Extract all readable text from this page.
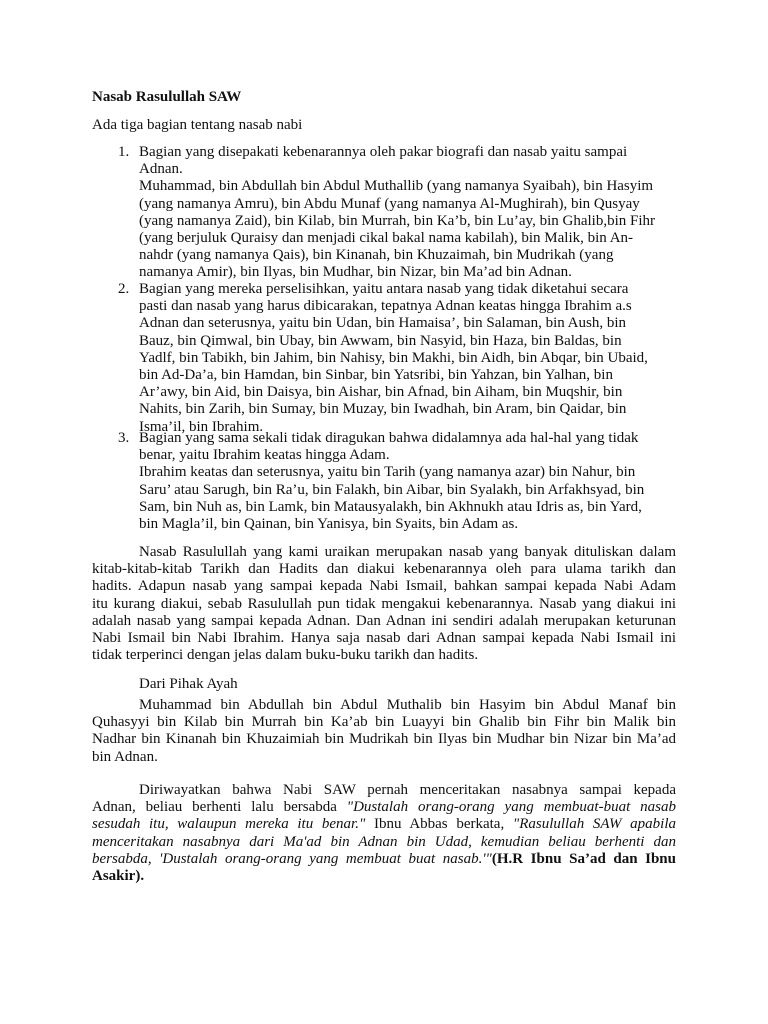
Nasab Rasulullah SAW
Ada tiga bagian tentang nasab nabi
1. Bagian yang disepakati kebenarannya oleh pakar biografi dan nasab yaitu sampai
Adnan.
Muhammad, bin Abdullah bin Abdul Muthallib (yang namanya Syaibah), bin Hasyim
(yang namanya Amru), bin Abdu Munaf (yang namanya Al-Mughirah), bin Qusyay
(yang namanya Zaid), bin Kilab, bin Murrah, bin Ka’b, bin Lu’ay, bin Ghalib,bin Fihr
(yang berjuluk Quraisy dan menjadi cikal bakal nama kabilah), bin Malik, bin An-
nahdr (yang namanya Qais), bin Kinanah, bin Khuzaimah, bin Mudrikah (yang
namanya Amir), bin Ilyas, bin Mudhar, bin Nizar, bin Ma’ad bin Adnan.
2. Bagian yang mereka perselisihkan, yaitu antara nasab yang tidak diketahui secara
pasti dan nasab yang harus dibicarakan, tepatnya Adnan keatas hingga Ibrahim a.s
Adnan dan seterusnya, yaitu bin Udan, bin Hamaisa’, bin Salaman, bin Aush, bin
Bauz, bin Qimwal, bin Ubay, bin Awwam, bin Nasyid, bin Haza, bin Baldas, bin
Yadlf, bin Tabikh, bin Jahim, bin Nahisy, bin Makhi, bin Aidh, bin Abqar, bin Ubaid,
bin Ad-Da’a, bin Hamdan, bin Sinbar, bin Yatsribi, bin Yahzan, bin Yalhan, bin
Ar’awy, bin Aid, bin Daisya, bin Aishar, bin Afnad, bin Aiham, bin Muqshir, bin
Nahits, bin Zarih, bin Sumay, bin Muzay, bin Iwadhah, bin Aram, bin Qaidar, bin
Isma’il, bin Ibrahim.
3. Bagian yang sama sekali tidak diragukan bahwa didalamnya ada hal-hal yang tidak
benar, yaitu Ibrahim keatas hingga Adam.
Ibrahim keatas dan seterusnya, yaitu bin Tarih (yang namanya azar) bin Nahur, bin
Saru’ atau Sarugh, bin Ra’u, bin Falakh, bin Aibar, bin Syalakh, bin Arfakhsyad, bin
Sam, bin Nuh as, bin Lamk, bin Matausyalakh, bin Akhnukh atau Idris as, bin Yard,
bin Magla’il, bin Qainan, bin Yanisya, bin Syaits, bin Adam as.
Nasab Rasulullah yang kami uraikan merupakan nasab yang banyak dituliskan dalam
kitab-kitab-kitab Tarikh dan Hadits dan diakui kebenarannya oleh para ulama tarikh dan
hadits. Adapun nasab yang sampai kepada Nabi Ismail, bahkan sampai kepada Nabi Adam
itu kurang diakui, sebab Rasulullah pun tidak mengakui kebenarannya. Nasab yang diakui ini
adalah nasab yang sampai kepada Adnan. Dan Adnan ini sendiri adalah merupakan keturunan
Nabi Ismail bin Nabi Ibrahim. Hanya saja nasab dari Adnan sampai kepada Nabi Ismail ini
tidak terperinci dengan jelas dalam buku-buku tarikh dan hadits.
Dari Pihak Ayah
Muhammad bin Abdullah bin Abdul Muthalib bin Hasyim bin Abdul Manaf bin
Quhasyyi bin Kilab bin Murrah bin Ka’ab bin Luayyi bin Ghalib bin Fihr bin Malik bin
Nadhar bin Kinanah bin Khuzaimiah bin Mudrikah bin Ilyas bin Mudhar bin Nizar bin Ma’ad
bin Adnan.
Diriwayatkan bahwa Nabi SAW pernah menceritakan nasabnya sampai kepada
Adnan, beliau berhenti lalu bersabda "Dustalah orang-orang yang membuat-buat nasab
sesudah itu, walaupun mereka itu benar." Ibnu Abbas berkata, "Rasulullah SAW apabila
menceritakan nasabnya dari Ma'ad bin Adnan bin Udad, kemudian beliau berhenti dan
bersabda, 'Dustalah orang-orang yang membuat buat nasab.'"(H.R Ibnu Sa’ad dan Ibnu
Asakir).
